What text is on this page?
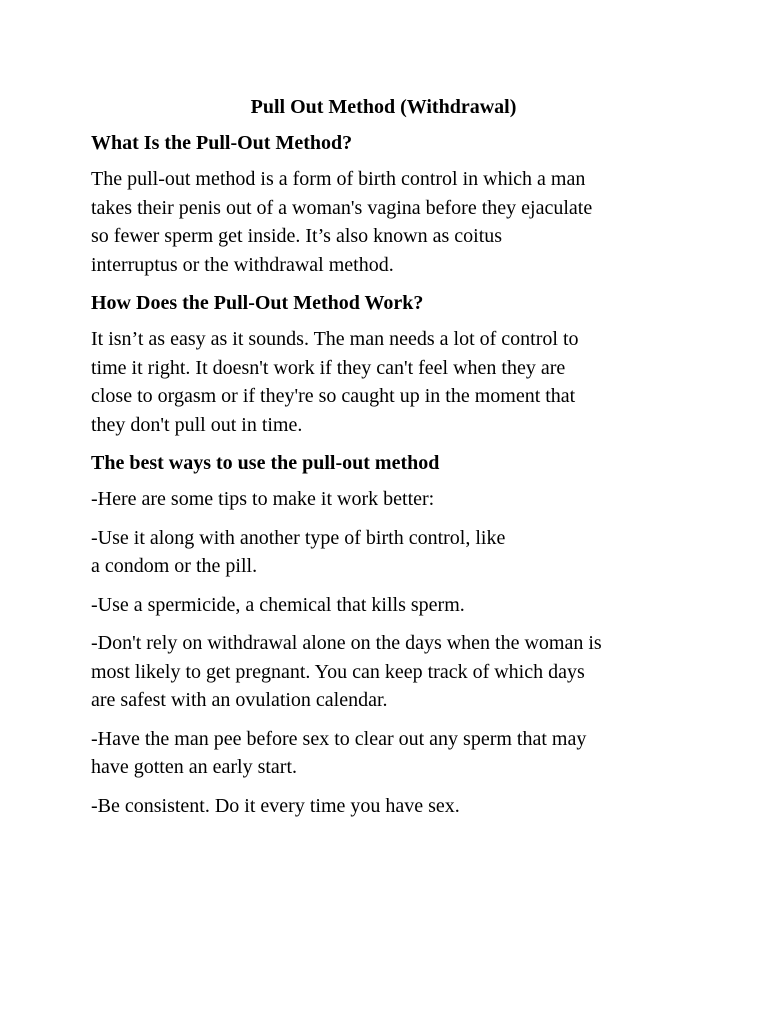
Pull Out Method (Withdrawal)
What Is the Pull-Out Method?
The pull-out method is a form of birth control in which a man
takes their penis out of a woman's vagina before they ejaculate
so fewer sperm get inside. It’s also known as coitus
interruptus or the withdrawal method.
How Does the Pull-Out Method Work?
It isn’t as easy as it sounds. The man needs a lot of control to
time it right. It doesn't work if they can't feel when they are
close to orgasm or if they're so caught up in the moment that
they don't pull out in time.
The best ways to use the pull-out method
-Here are some tips to make it work better:
-Use it along with another type of birth control, like
a condom or the pill.
-Use a spermicide, a chemical that kills sperm.
-Don't rely on withdrawal alone on the days when the woman is
most likely to get pregnant. You can keep track of which days
are safest with an ovulation calendar.
-Have the man pee before sex to clear out any sperm that may
have gotten an early start.
-Be consistent. Do it every time you have sex.
